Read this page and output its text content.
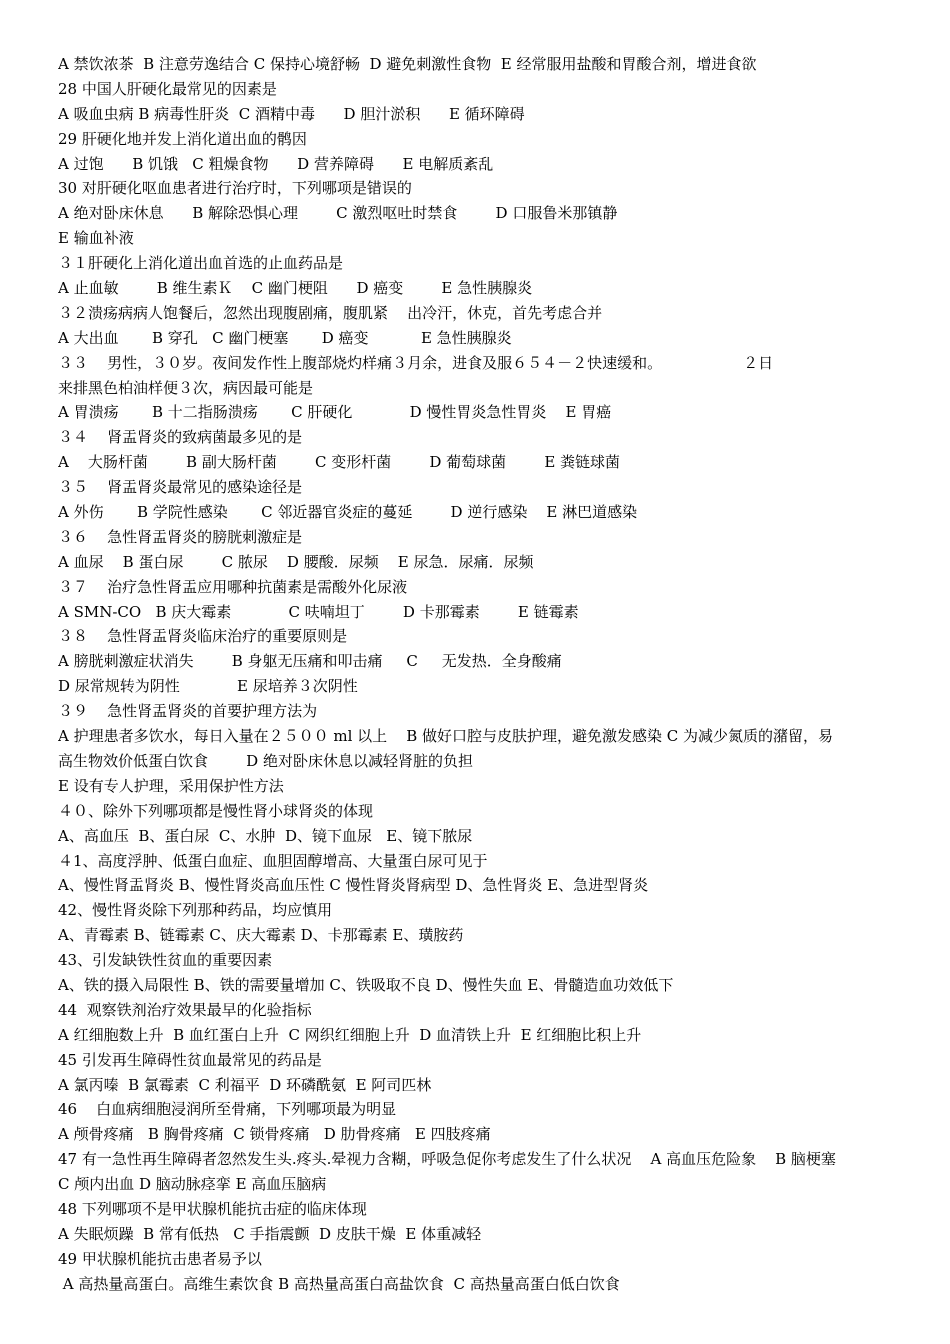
A 禁饮浓茶  B 注意劳逸结合 C 保持心境舒畅  D 避免刺激性食物  E 经常服用盐酸和胃酸合剂，增进食欲
28 中国人肝硬化最常见的因素是
A 吸血虫病 B 病毒性肝炎  C 酒精中毒      D 胆汁淤积      E 循环障碍
29 肝硬化地并发上消化道出血的鹘因
A 过饱      B 饥饿   C 粗燥食物      D 营养障碍      E 电解质紊乱
30 对肝硬化呕血患者进行治疗时，下列哪项是错误的
A 绝对卧床休息      B 解除恐惧心理        C 激烈呕吐时禁食        D 口服鲁米那镇静
E 输血补液
３１肝硬化上消化道出血首选的止血药品是
A 止血敏        B 维生素Ｋ    C 幽门梗阻      D 癌变        E 急性胰腺炎
３２溃疡病病人饱餐后，忽然出现腹剧痛，腹肌紧    出冷汗，休克，首先考虑合并
A 大出血       B 穿孔   C 幽门梗塞       D 癌变           E 急性胰腺炎
３３    男性，３０岁。夜间发作性上腹部烧灼样痛３月余，进食及服６５４－２快速缓和。                 ２日
来排黑色柏油样便３次，病因最可能是
A 胃溃疡       B 十二指肠溃疡       C 肝硬化            D 慢性胃炎急性胃炎    E 胃癌
３４    肾盂肾炎的致病菌最多见的是
A    大肠杆菌        B 副大肠杆菌        C 变形杆菌        D 葡萄球菌        E 粪链球菌
３５    肾盂肾炎最常见的感染途径是
A 外伤       B 学院性感染       C 邻近器官炎症的蔓延        D 逆行感染    E 淋巴道感染
３６    急性肾盂肾炎的膀胱刺激症是
A 血尿    B 蛋白尿        C 脓尿    D 腰酸．尿频    E 尿急．尿痛．尿频
３７    治疗急性肾盂应用哪种抗菌素是需酸外化尿液
A SMN-CO   B 庆大霉素            C 呋喃坦丁        D 卡那霉素        E 链霉素
３８    急性肾盂肾炎临床治疗的重要原则是
A 膀胱刺激症状消失        B 身躯无压痛和叩击痛     C     无发热．全身酸痛
D 尿常规转为阴性            E 尿培养３次阴性
３９    急性肾盂肾炎的首要护理方法为
A 护理患者多饮水，每日入量在２５００ ml 以上    B 做好口腔与皮肤护理，避免激发感染 C 为减少氮质的潴留，易
高生物效价低蛋白饮食        D 绝对卧床休息以减轻肾脏的负担
E 设有专人护理，采用保护性方法
４０、除外下列哪项都是慢性肾小球肾炎的体现
A、高血压  B、蛋白尿  C、水肿  D、镜下血尿   E、镜下脓尿
４1、高度浮肿、低蛋白血症、血胆固醇增高、大量蛋白尿可见于
A、慢性肾盂肾炎 B、慢性肾炎高血压性 C 慢性肾炎肾病型 D、急性肾炎 E、急进型肾炎
42、慢性肾炎除下列那种药品，均应慎用
A、青霉素 B、链霉素 C、庆大霉素 D、卡那霉素 E、璜胺药
43、引发缺铁性贫血的重要因素
A、铁的摄入局限性 B、铁的需要量增加 C、铁吸取不良 D、慢性失血 E、骨髓造血功效低下
44  观察铁剂治疗效果最早的化验指标
A 红细胞数上升  B 血红蛋白上升  C 网织红细胞上升  D 血清铁上升  E 红细胞比积上升
45 引发再生障碍性贫血最常见的药品是
A 氯丙嗪  B 氯霉素  C 利福平  D 环磷酰氨  E 阿司匹林
46    白血病细胞浸润所至骨痛，下列哪项最为明显
A 颅骨疼痛   B 胸骨疼痛  C 锁骨疼痛   D 肋骨疼痛   E 四肢疼痛
47 有一急性再生障碍者忽然发生头.疼头.晕视力含糊，呼吸急促你考虑发生了什么状况    A 高血压危险象    B 脑梗塞
C 颅内出血 D 脑动脉痉挛 E 高血压脑病
48 下列哪项不是甲状腺机能抗击症的临床体现
A 失眠烦躁  B 常有低热   C 手指震颤  D 皮肤干燥  E 体重减轻
49 甲状腺机能抗击患者易予以
A 高热量高蛋白。高维生素饮食 B 高热量高蛋白高盐饮食  C 高热量高蛋白低白饮食
